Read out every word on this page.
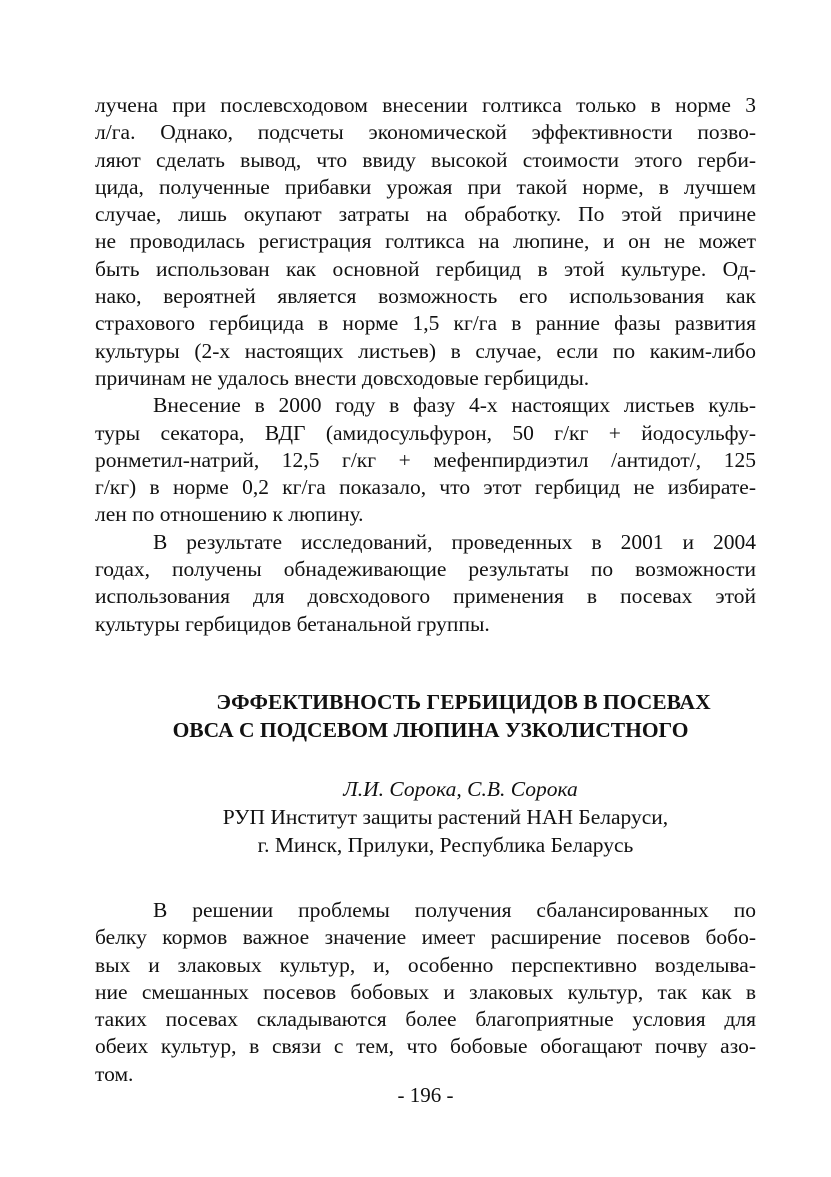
лучена при послевсходовом внесении голтикса только в норме 3
л/га. Однако, подсчеты экономической эффективности позво-
ляют сделать вывод, что ввиду высокой стоимости этого герби-
цида, полученные прибавки урожая при такой норме, в лучшем
случае, лишь окупают затраты на обработку. По этой причине
не проводилась регистрация голтикса на люпине, и он не может
быть использован как основной гербицид в этой культуре. Од-
нако, вероятней является возможность его использования как
страхового гербицида в норме 1,5 кг/га в ранние фазы развития
культуры (2-х настоящих листьев) в случае, если по каким-либо
причинам не удалось внести довсходовые гербициды.
Внесение в 2000 году в фазу 4-х настоящих листьев куль-
туры секатора, ВДГ (амидосульфурон, 50 г/кг + йодосульфу-
ронметил-натрий, 12,5 г/кг + мефенпирдиэтил /антидот/, 125
г/кг) в норме 0,2 кг/га показало, что этот гербицид не избирате-
лен по отношению к люпину.
В результате исследований, проведенных в 2001 и 2004
годах, получены обнадеживающие результаты по возможности
использования для довсходового применения в посевах этой
культуры гербицидов бетанальной группы.
ЭФФЕКТИВНОСТЬ ГЕРБИЦИДОВ В ПОСЕВАХ
ОВСА С ПОДСЕВОМ ЛЮПИНА УЗКОЛИСТНОГО
Л.И. Сорока, С.В. Сорока
РУП Институт защиты растений НАН Беларуси,
г. Минск, Прилуки, Республика Беларусь
В решении проблемы получения сбалансированных по
белку кормов важное значение имеет расширение посевов бобо-
вых и злаковых культур, и, особенно перспективно возделыва-
ние смешанных посевов бобовых и злаковых культур, так как в
таких посевах складываются более благоприятные условия для
обеих культур, в связи с тем, что бобовые обогащают почву азо-
том.
- 196 -
